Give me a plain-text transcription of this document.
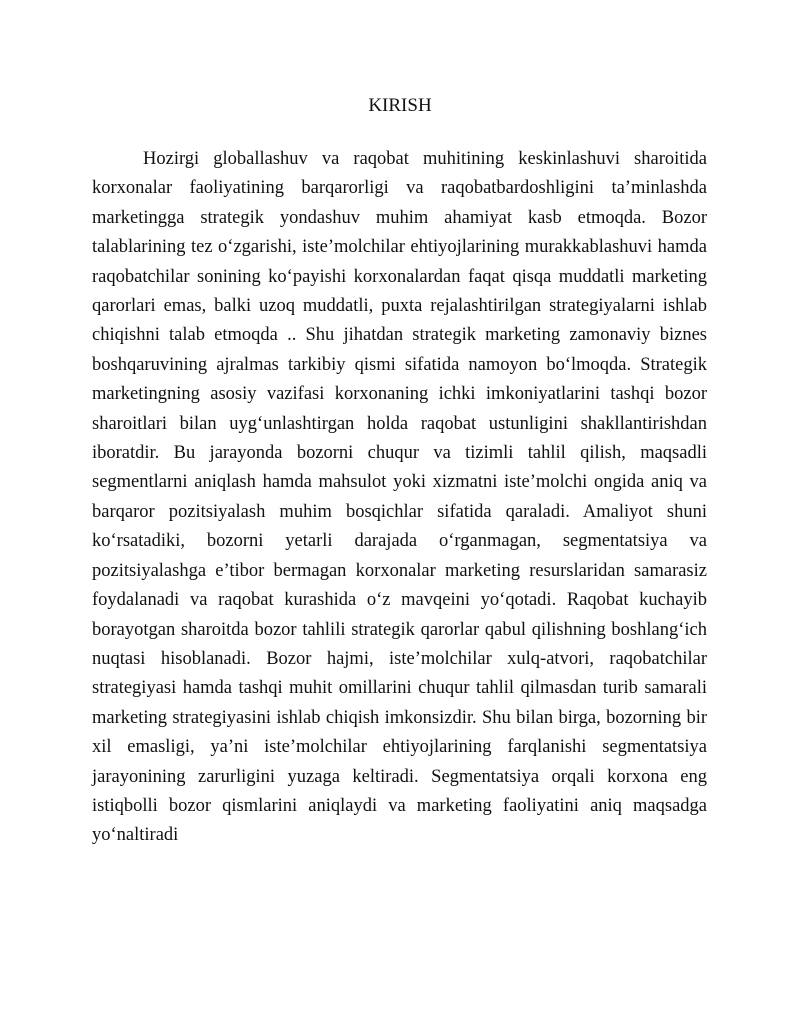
KIRISH

Hozirgi globallashuv va raqobat muhitining keskinlashuvi sharoitida korxonalar faoliyatining barqarorligi va raqobatbardoshligini ta’minlashda marketingga strategik yondashuv muhim ahamiyat kasb etmoqda. Bozor talablarining tez o‘zgarishi, iste’molchilar ehtiyojlarining murakkablashuvi hamda raqobatchilar sonining ko‘payishi korxonalardan faqat qisqa muddatli marketing qarorlari emas, balki uzoq muddatli, puxta rejalashtirilgan strategiyalarni ishlab chiqishni talab etmoqda .. Shu jihatdan strategik marketing zamonaviy biznes boshqaruvining ajralmas tarkibiy qismi sifatida namoyon bo‘lmoqda. Strategik marketingning asosiy vazifasi korxonaning ichki imkoniyatlarini tashqi bozor sharoitlari bilan uyg‘unlashtirgan holda raqobat ustunligini shakllantirishdan iboratdir. Bu jarayonda bozorni chuqur va tizimli tahlil qilish, maqsadli segmentlarni aniqlash hamda mahsulot yoki xizmatni iste’molchi ongida aniq va barqaror pozitsiyalash muhim bosqichlar sifatida qaraladi. Amaliyot shuni ko‘rsatadiki, bozorni yetarli darajada o‘rganmagan, segmentatsiya va pozitsiyalashga e’tibor bermagan korxonalar marketing resurslaridan samarasiz foydalanadi va raqobat kurashida o‘z mavqeini yo‘qotadi. Raqobat kuchayib borayotgan sharoitda bozor tahlili strategik qarorlar qabul qilishning boshlang‘ich nuqtasi hisoblanadi. Bozor hajmi, iste’molchilar xulq-atvori, raqobatchilar strategiyasi hamda tashqi muhit omillarini chuqur tahlil qilmasdan turib samarali marketing strategiyasini ishlab chiqish imkonsizdir. Shu bilan birga, bozorning bir xil emasligi, ya’ni iste’molchilar ehtiyojlarining farqlanishi segmentatsiya jarayonining zarurligini yuzaga keltiradi. Segmentatsiya orqali korxona eng istiqbolli bozor qismlarini aniqlaydi va marketing faoliyatini aniq maqsadga yo‘naltiradi
